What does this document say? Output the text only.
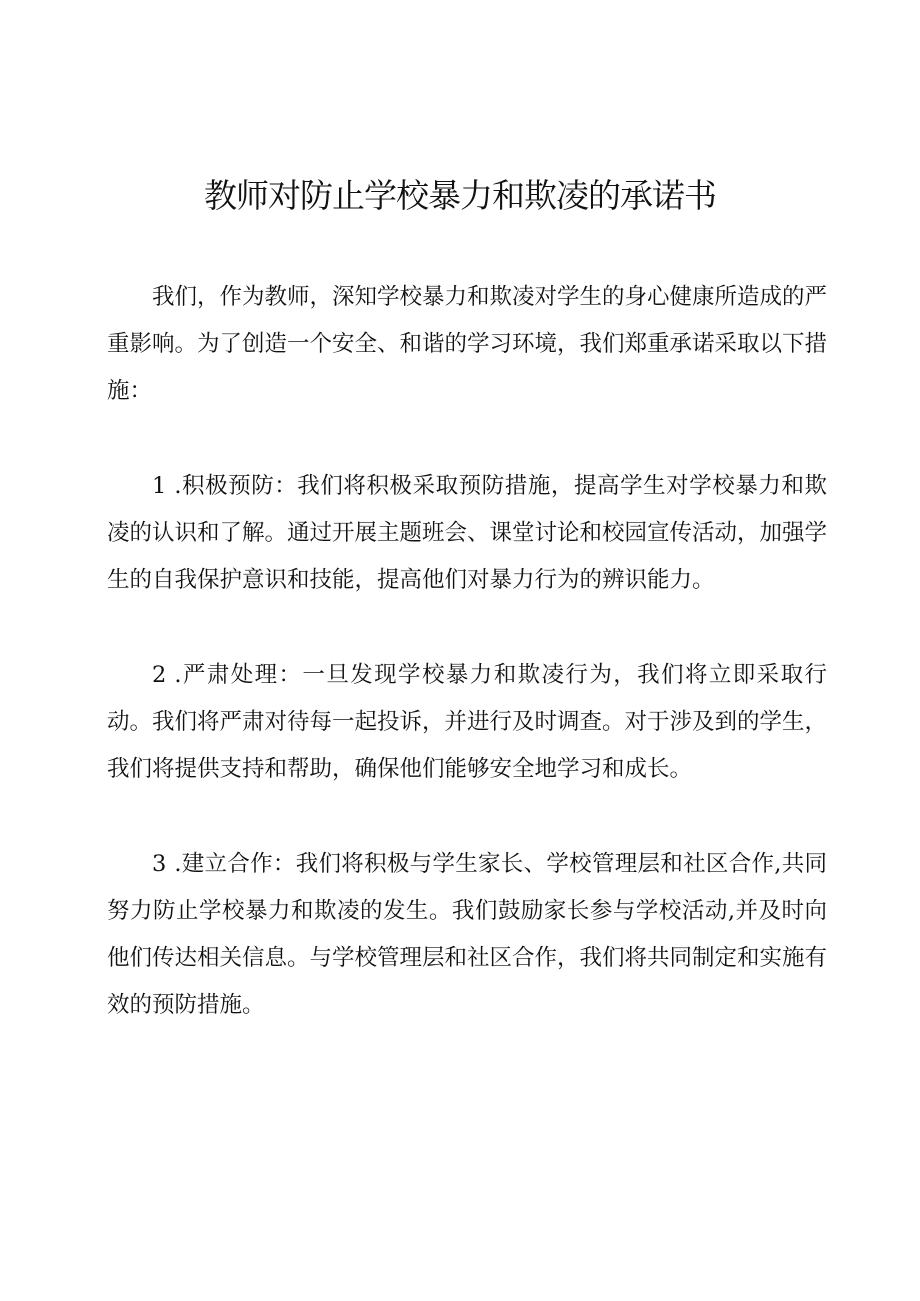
教师对防止学校暴力和欺凌的承诺书

我们，作为教师，深知学校暴力和欺凌对学生的身心健康所造成的严重影响。为了创造一个安全、和谐的学习环境，我们郑重承诺采取以下措施：

1 .积极预防：我们将积极采取预防措施，提高学生对学校暴力和欺凌的认识和了解。通过开展主题班会、课堂讨论和校园宣传活动，加强学生的自我保护意识和技能，提高他们对暴力行为的辨识能力。

2 .严肃处理：一旦发现学校暴力和欺凌行为，我们将立即采取行动。我们将严肃对待每一起投诉，并进行及时调查。对于涉及到的学生，我们将提供支持和帮助，确保他们能够安全地学习和成长。

3 .建立合作：我们将积极与学生家长、学校管理层和社区合作,共同努力防止学校暴力和欺凌的发生。我们鼓励家长参与学校活动,并及时向他们传达相关信息。与学校管理层和社区合作，我们将共同制定和实施有效的预防措施。
